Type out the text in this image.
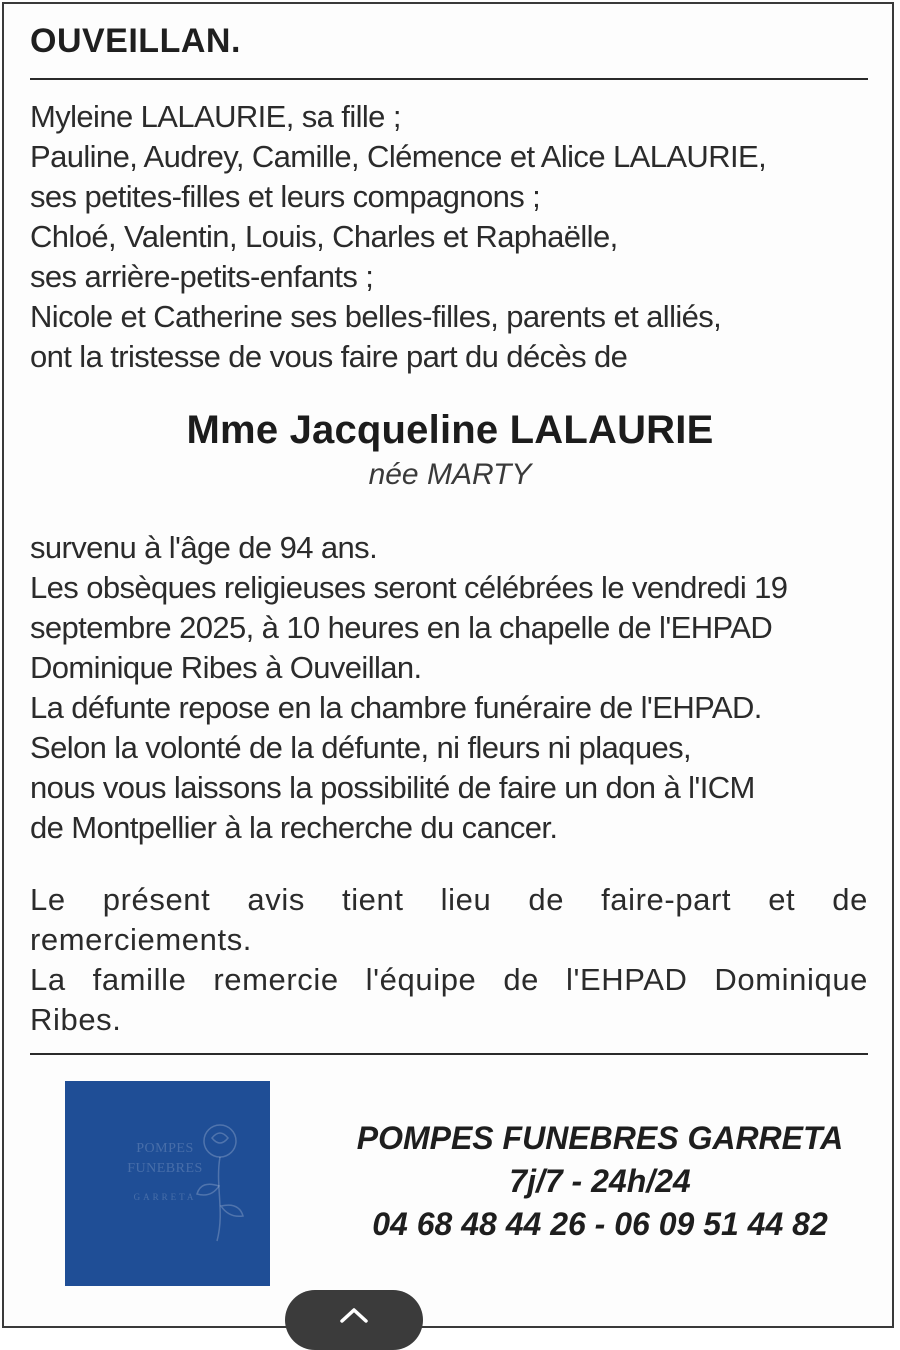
OUVEILLAN.
Myleine LALAURIE, sa fille ;
Pauline, Audrey, Camille, Clémence et Alice LALAURIE,
ses petites-filles et leurs compagnons ;
Chloé, Valentin, Louis, Charles et Raphaëlle,
ses arrière-petits-enfants ;
Nicole et Catherine ses belles-filles, parents et alliés,
ont la tristesse de vous faire part du décès de
Mme Jacqueline LALAURIE
née MARTY
survenu à l'âge de 94 ans.
Les obsèques religieuses seront célébrées le vendredi 19
septembre 2025, à 10 heures en la chapelle de l'EHPAD
Dominique Ribes à Ouveillan.
La défunte repose en la chambre funéraire de l'EHPAD.
Selon la volonté de la défunte, ni fleurs ni plaques,
nous vous laissons la possibilité de faire un don à l'ICM
de Montpellier à la recherche du cancer.
Le présent avis tient lieu de faire-part et de
remerciements.
La famille remercie l'équipe de l'EHPAD Dominique
Ribes.
POMPES
FUNEBRES
GARRETA
POMPES FUNEBRES GARRETA
7j/7 - 24h/24
04 68 48 44 26 - 06 09 51 44 82
